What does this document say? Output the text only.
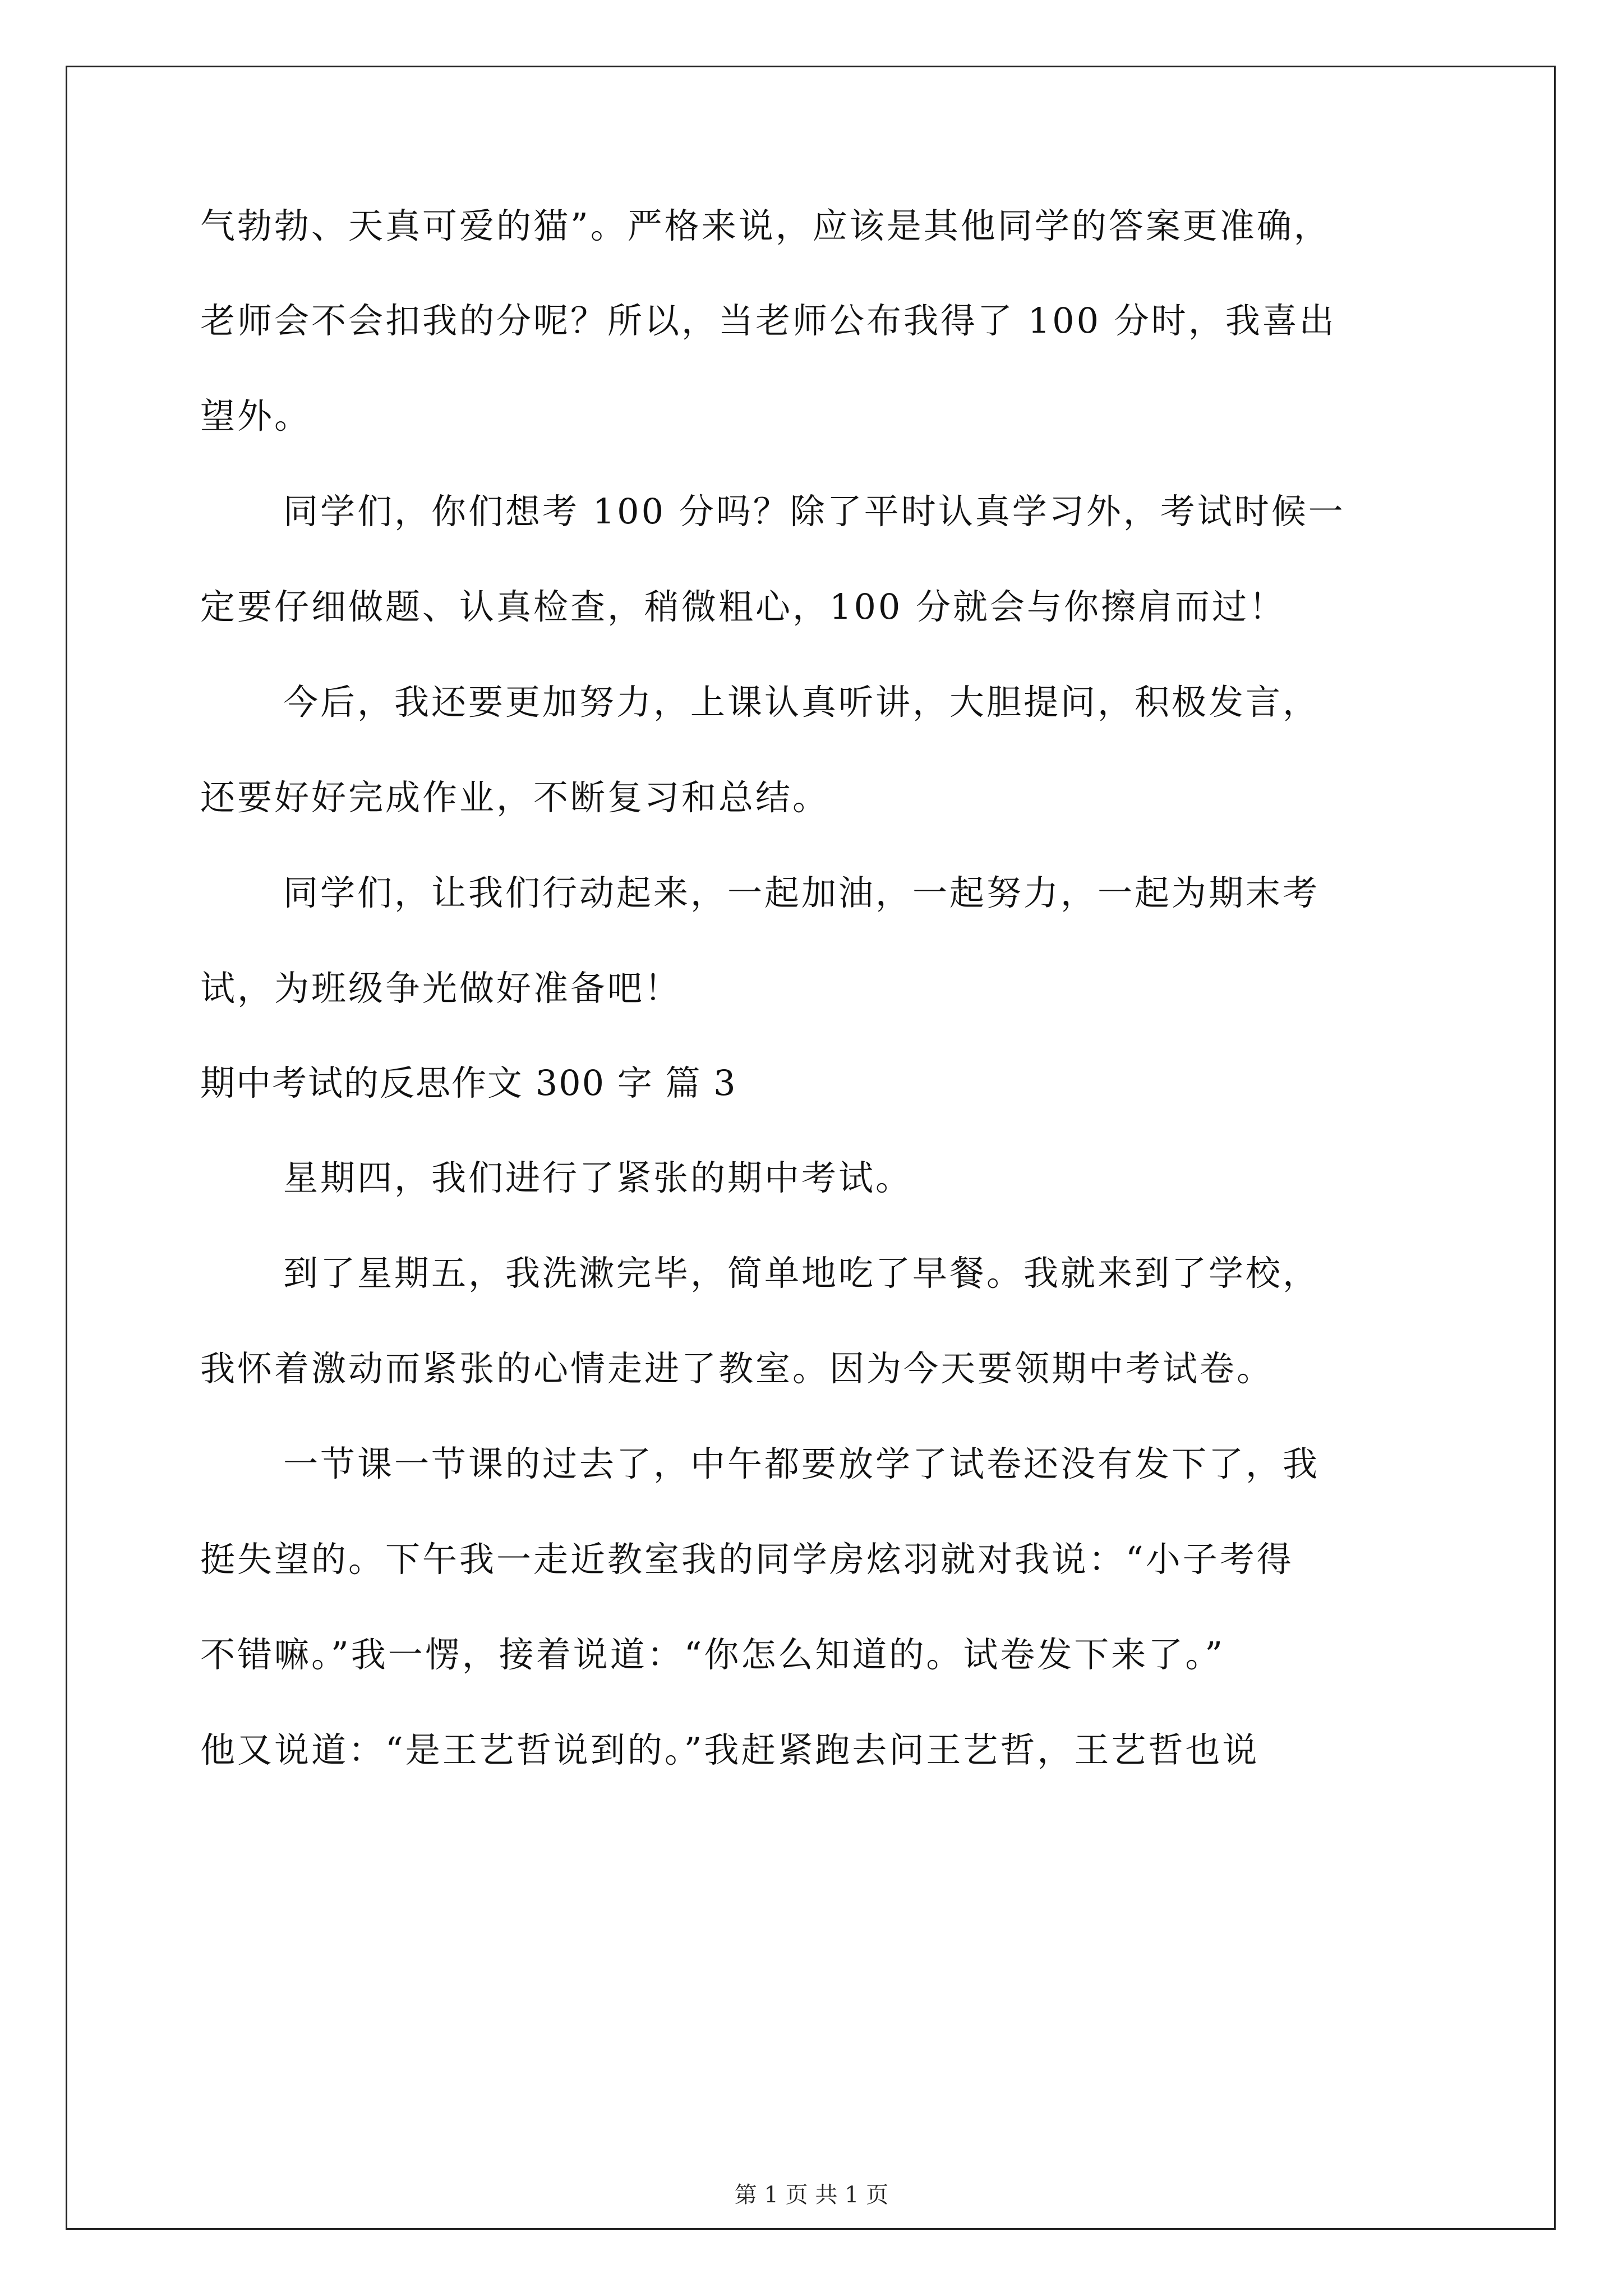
气勃勃、天真可爱的猫”。严格来说，应该是其他同学的答案更准确，
老师会不会扣我的分呢？所以，当老师公布我得了 100 分时，我喜出
望外。
同学们，你们想考 100 分吗？除了平时认真学习外，考试时候一
定要仔细做题、认真检查，稍微粗心，100 分就会与你擦肩而过！
今后，我还要更加努力，上课认真听讲，大胆提问，积极发言，
还要好好完成作业，不断复习和总结。
同学们，让我们行动起来，一起加油，一起努力，一起为期末考
试，为班级争光做好准备吧！
期中考试的反思作文 300 字 篇 3
星期四，我们进行了紧张的期中考试。
到了星期五，我洗漱完毕，简单地吃了早餐。我就来到了学校，
我怀着激动而紧张的心情走进了教室。因为今天要领期中考试卷。
一节课一节课的过去了，中午都要放学了试卷还没有发下了，我
挺失望的。下午我一走近教室我的同学房炫羽就对我说：“小子考得
不错嘛。”我一愣，接着说道：“你怎么知道的。试卷发下来了。”
他又说道：“是王艺哲说到的。”我赶紧跑去问王艺哲，王艺哲也说
第 1 页 共 1 页
